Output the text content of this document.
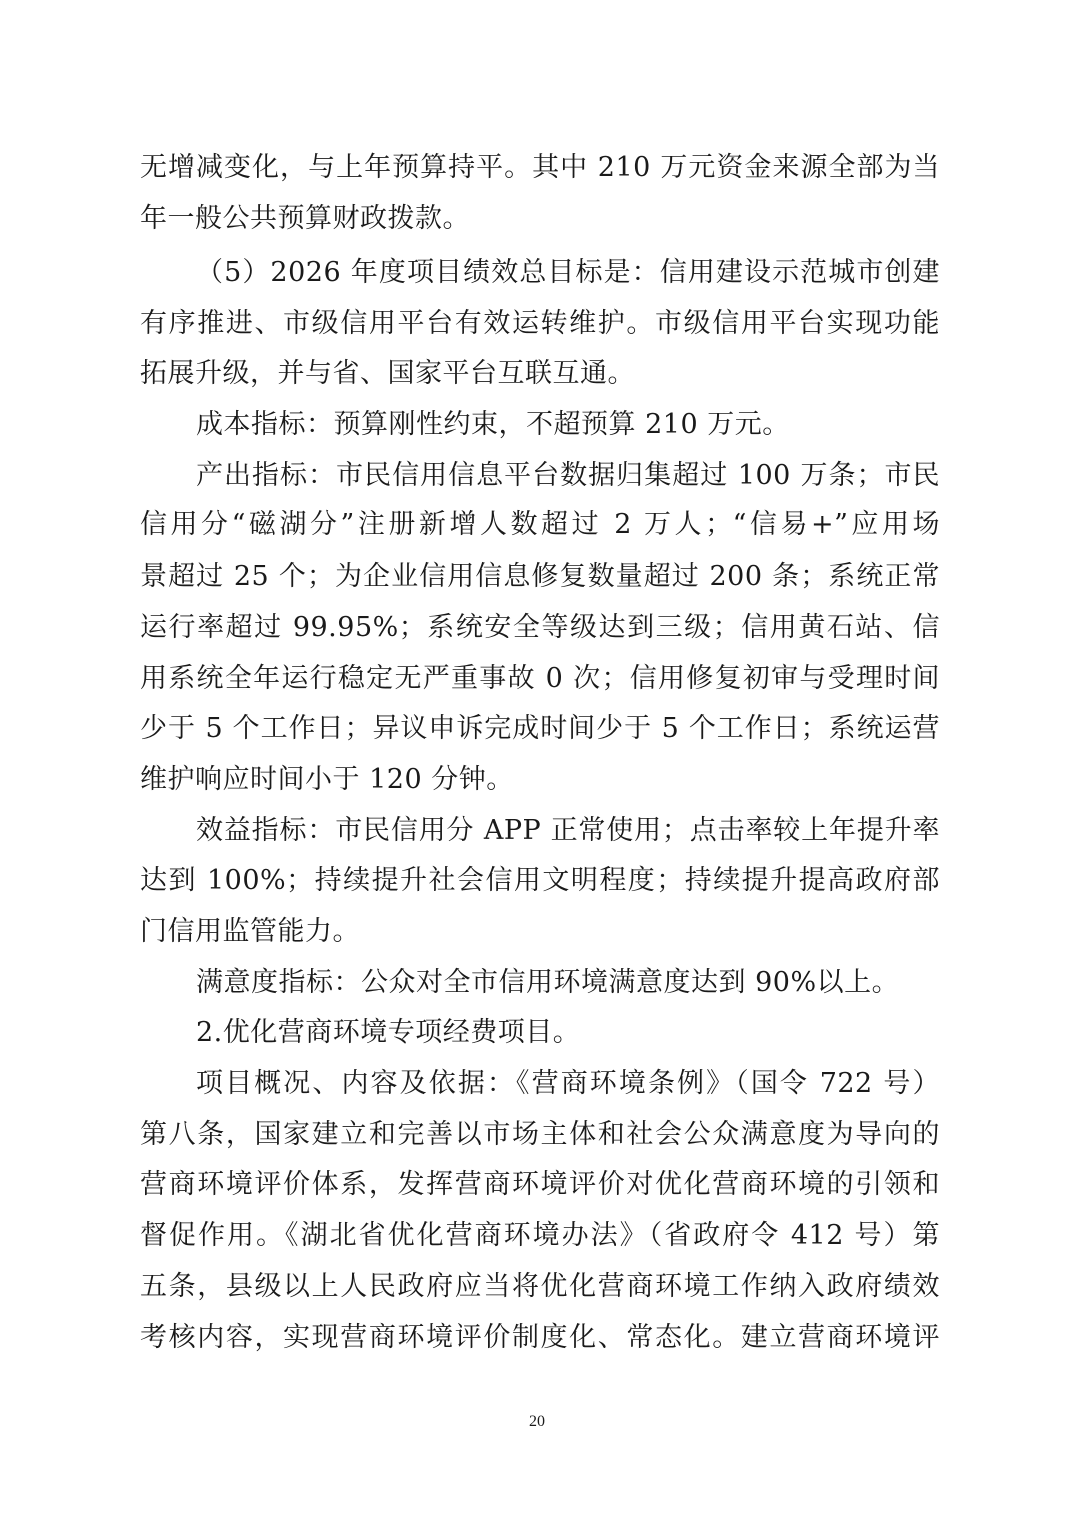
无增减变化，与上年预算持平。其中 210 万元资金来源全部为当
年一般公共预算财政拨款。
（5）2026 年度项目绩效总目标是：信用建设示范城市创建
有序推进、市级信用平台有效运转维护。市级信用平台实现功能
拓展升级，并与省、国家平台互联互通。
成本指标：预算刚性约束，不超预算 210 万元。
产出指标：市民信用信息平台数据归集超过 100 万条；市民
信用分“磁湖分”注册新增人数超过 2 万人；“信易+”应用场
景超过 25 个；为企业信用信息修复数量超过 200 条；系统正常
运行率超过 99.95%；系统安全等级达到三级；信用黄石站、信
用系统全年运行稳定无严重事故 0 次；信用修复初审与受理时间
少于 5 个工作日；异议申诉完成时间少于 5 个工作日；系统运营
维护响应时间小于 120 分钟。
效益指标：市民信用分 APP 正常使用；点击率较上年提升率
达到 100%；持续提升社会信用文明程度；持续提升提高政府部
门信用监管能力。
满意度指标：公众对全市信用环境满意度达到 90%以上。
2.优化营商环境专项经费项目。
项目概况、内容及依据：《营商环境条例》（国令 722 号）
第八条，国家建立和完善以市场主体和社会公众满意度为导向的
营商环境评价体系，发挥营商环境评价对优化营商环境的引领和
督促作用。《湖北省优化营商环境办法》（省政府令 412 号）第
五条，县级以上人民政府应当将优化营商环境工作纳入政府绩效
考核内容，实现营商环境评价制度化、常态化。建立营商环境评
20
